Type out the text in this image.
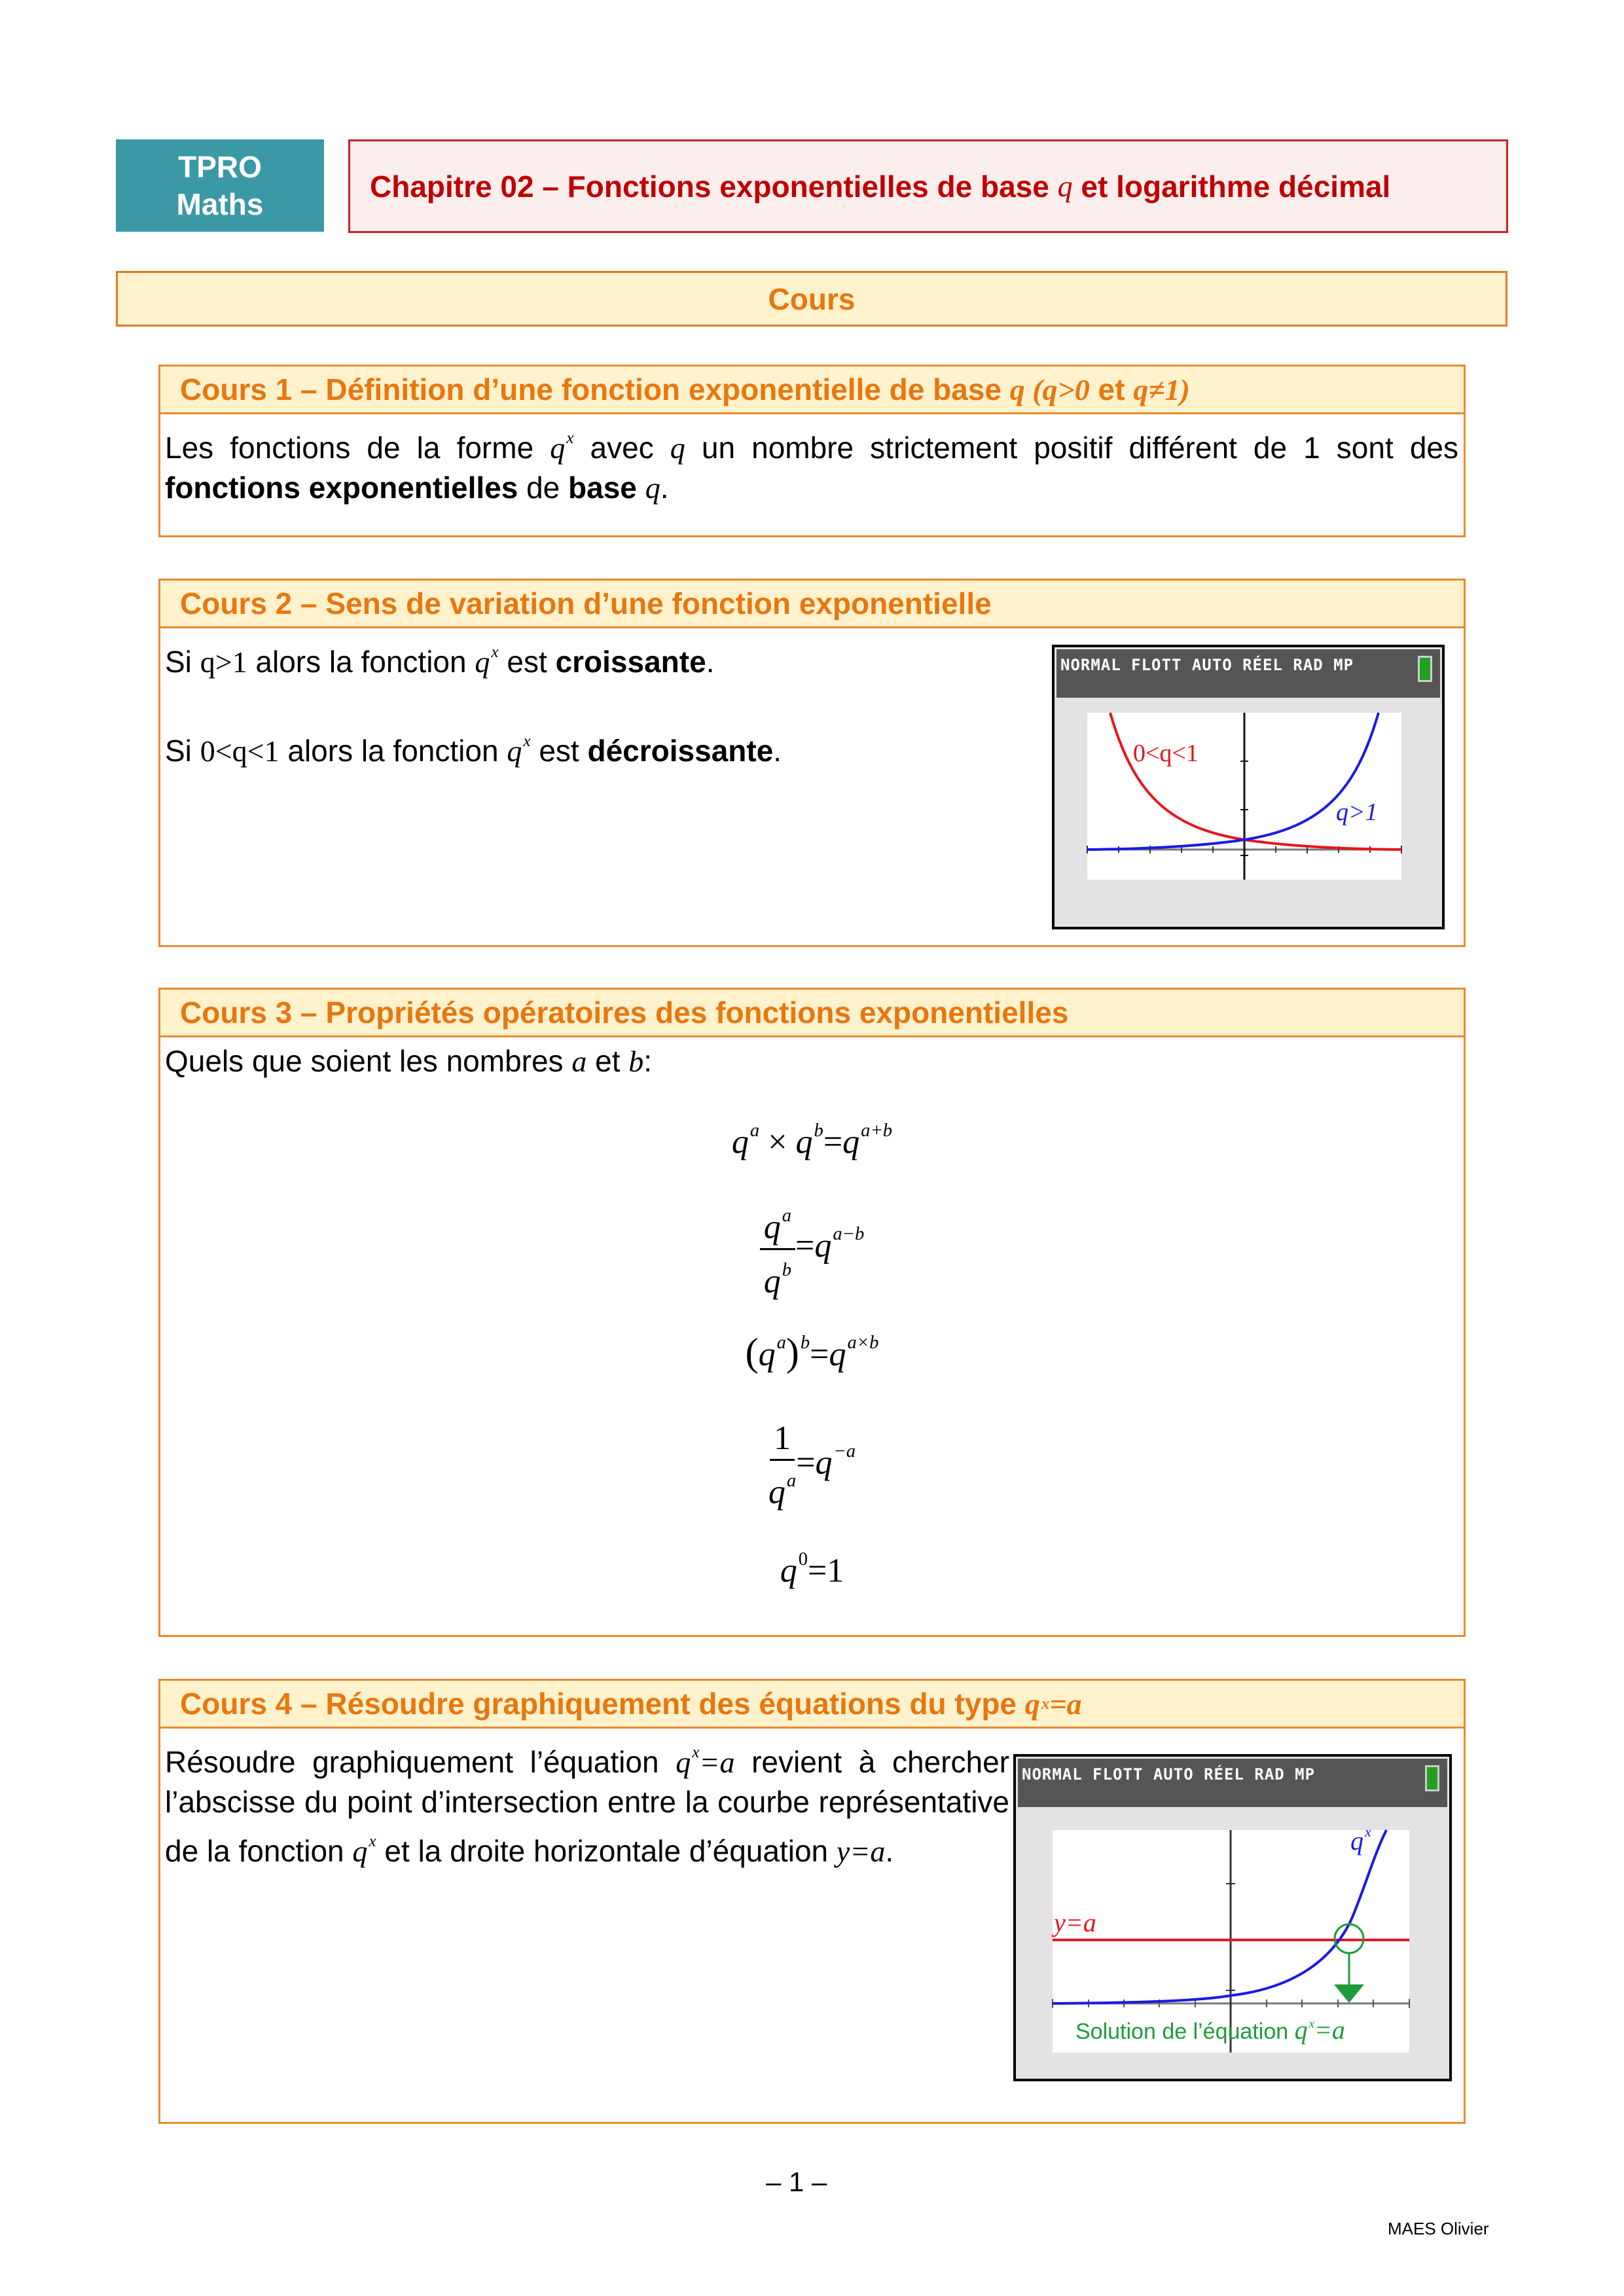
TPRO
Maths
Chapitre 02 – Fonctions exponentielles de base q et logarithme décimal
Cours
Cours 1 – Définition d’une fonction exponentielle de base q (q>0 et q≠1)
Les fonctions de la forme $q^x$ avec q un nombre strictement positif différent de 1 sont des fonctions exponentielles de base q.
Cours 2 – Sens de variation d’une fonction exponentielle
Si q>1 alors la fonction $q^x$ est croissante.
Si 0<q<1 alors la fonction $q^x$ est décroissante.
NORMAL FLOTT AUTO RÉEL RAD MP
0<q<1
q>1
Cours 3 – Propriétés opératoires des fonctions exponentielles
Quels que soient les nombres a et b:
$q^a \times q^b=q^{a+b}$
$\frac{q^a}{q^b} =q^{a-b}$
$(q^a)^b=q^{a\times b}$
$\frac{1}{q^a} =q^{-a}$
$q^0=1$
Cours 4 – Résoudre graphiquement des équations du type q x =a
Résoudre graphiquement l’équation $q^x=a$ revient à chercher l’abscisse du point d’intersection entre la courbe représentative de la fonction $q^x$ et la droite horizontale d’équation y=a.
NORMAL FLOTT AUTO RÉEL RAD MP
$q^x$
y=a
Solution de l’équation q $^x$=a
– 1 –
MAES Olivier
